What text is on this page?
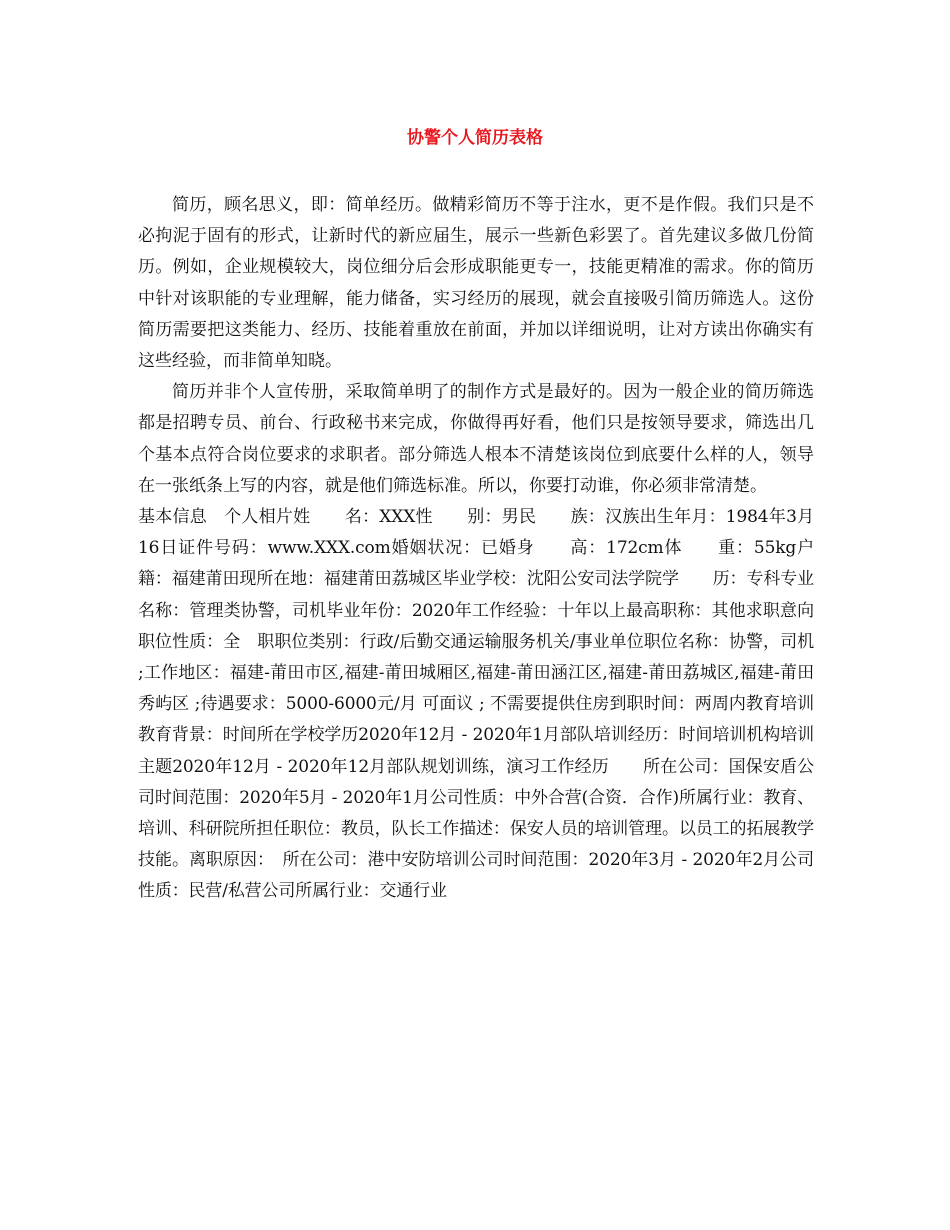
协警个人简历表格

简历，顾名思义，即：简单经历。做精彩简历不等于注水，更不是作假。我们只是不必拘泥于固有的形式，让新时代的新应届生，展示一些新色彩罢了。首先建议多做几份简历。例如，企业规模较大，岗位细分后会形成职能更专一，技能更精准的需求。你的简历中针对该职能的专业理解，能力储备，实习经历的展现，就会直接吸引简历筛选人。这份简历需要把这类能力、经历、技能着重放在前面，并加以详细说明，让对方读出你确实有这些经验，而非简单知晓。

简历并非个人宣传册，采取简单明了的制作方式是最好的。因为一般企业的简历筛选都是招聘专员、前台、行政秘书来完成，你做得再好看，他们只是按领导要求，筛选出几个基本点符合岗位要求的求职者。部分筛选人根本不清楚该岗位到底要什么样的人，领导在一张纸条上写的内容，就是他们筛选标准。所以，你要打动谁，你必须非常清楚。

基本信息　个人相片姓　　名：XXX性　　别：男民　　族：汉族出生年月：1984年3月16日证件号码：www.XXX.com婚姻状况：已婚身　　高：172cm体　　重：55kg户　　籍：福建莆田现所在地：福建莆田荔城区毕业学校：沈阳公安司法学院学　　历：专科专业名称：管理类协警，司机毕业年份：2020年工作经验：十年以上最高职称：其他求职意向　职位性质：全　职职位类别：行政/后勤交通运输服务机关/事业单位职位名称：协警，司机 ;工作地区：福建-莆田市区,福建-莆田城厢区,福建-莆田涵江区,福建-莆田荔城区,福建-莆田秀屿区 ;待遇要求：5000-6000元/月 可面议 ; 不需要提供住房到职时间：两周内教育培训　教育背景：时间所在学校学历2020年12月 - 2020年1月部队培训经历：时间培训机构培训主题2020年12月 - 2020年12月部队规划训练，演习工作经历　　所在公司：国保安盾公司时间范围：2020年5月 - 2020年1月公司性质：中外合营(合资．合作)所属行业：教育、培训、科研院所担任职位：教员，队长工作描述：保安人员的培训管理。以员工的拓展教学技能。离职原因：　所在公司：港中安防培训公司时间范围：2020年3月 - 2020年2月公司性质：民营/私营公司所属行业：交通行业
